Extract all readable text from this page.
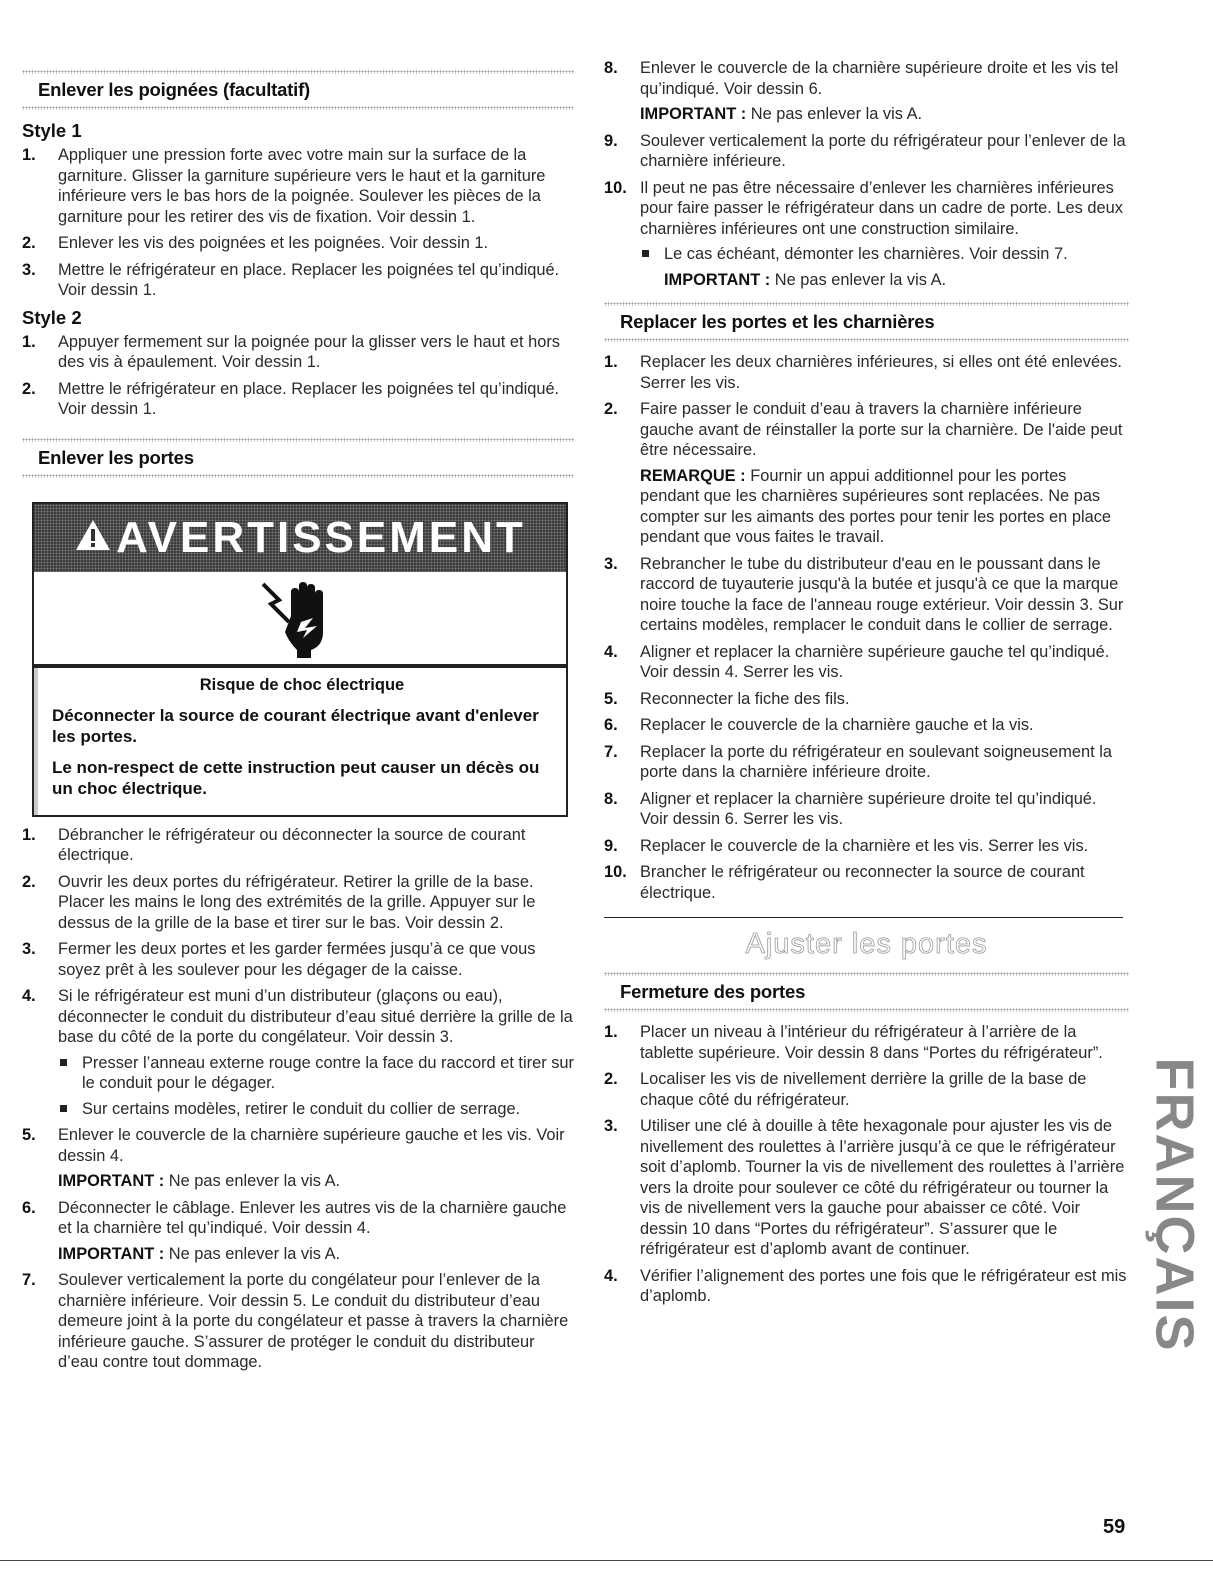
Enlever les poignées (facultatif)
Style 1
1. Appliquer une pression forte avec votre main sur la surface de la garniture. Glisser la garniture supérieure vers le haut et la garniture inférieure vers le bas hors de la poignée. Soulever les pièces de la garniture pour les retirer des vis de fixation. Voir dessin 1.
2. Enlever les vis des poignées et les poignées. Voir dessin 1.
3. Mettre le réfrigérateur en place. Replacer les poignées tel qu’indiqué. Voir dessin 1.
Style 2
1. Appuyer fermement sur la poignée pour la glisser vers le haut et hors des vis à épaulement. Voir dessin 1.
2. Mettre le réfrigérateur en place. Replacer les poignées tel qu’indiqué. Voir dessin 1.
Enlever les portes
AVERTISSEMENT
Risque de choc électrique
Déconnecter la source de courant électrique avant d'enlever les portes.
Le non-respect de cette instruction peut causer un décès ou un choc électrique.
1. Débrancher le réfrigérateur ou déconnecter la source de courant électrique.
2. Ouvrir les deux portes du réfrigérateur. Retirer la grille de la base. Placer les mains le long des extrémités de la grille. Appuyer sur le dessus de la grille de la base et tirer sur le bas. Voir dessin 2.
3. Fermer les deux portes et les garder fermées jusqu’à ce que vous soyez prêt à les soulever pour les dégager de la caisse.
4. Si le réfrigérateur est muni d’un distributeur (glaçons ou eau), déconnecter le conduit du distributeur d’eau situé derrière la grille de la base du côté de la porte du congélateur. Voir dessin 3.
Presser l’anneau externe rouge contre la face du raccord et tirer sur le conduit pour le dégager.
Sur certains modèles, retirer le conduit du collier de serrage.
5. Enlever le couvercle de la charnière supérieure gauche et les vis. Voir dessin 4.
IMPORTANT : Ne pas enlever la vis A.
6. Déconnecter le câblage. Enlever les autres vis de la charnière gauche et la charnière tel qu’indiqué. Voir dessin 4.
IMPORTANT : Ne pas enlever la vis A.
7. Soulever verticalement la porte du congélateur pour l’enlever de la charnière inférieure. Voir dessin 5. Le conduit du distributeur d’eau demeure joint à la porte du congélateur et passe à travers la charnière inférieure gauche. S’assurer de protéger le conduit du distributeur d’eau contre tout dommage.
8. Enlever le couvercle de la charnière supérieure droite et les vis tel qu’indiqué. Voir dessin 6.
IMPORTANT : Ne pas enlever la vis A.
9. Soulever verticalement la porte du réfrigérateur pour l’enlever de la charnière inférieure.
10. Il peut ne pas être nécessaire d’enlever les charnières inférieures pour faire passer le réfrigérateur dans un cadre de porte. Les deux charnières inférieures ont une construction similaire.
Le cas échéant, démonter les charnières. Voir dessin 7.
IMPORTANT : Ne pas enlever la vis A.
Replacer les portes et les charnières
1. Replacer les deux charnières inférieures, si elles ont été enlevées. Serrer les vis.
2. Faire passer le conduit d’eau à travers la charnière inférieure gauche avant de réinstaller la porte sur la charnière. De l'aide peut être nécessaire.
REMARQUE : Fournir un appui additionnel pour les portes pendant que les charnières supérieures sont replacées. Ne pas compter sur les aimants des portes pour tenir les portes en place pendant que vous faites le travail.
3. Rebrancher le tube du distributeur d'eau en le poussant dans le raccord de tuyauterie jusqu'à la butée et jusqu'à ce que la marque noire touche la face de l'anneau rouge extérieur. Voir dessin 3. Sur certains modèles, remplacer le conduit dans le collier de serrage.
4. Aligner et replacer la charnière supérieure gauche tel qu’indiqué. Voir dessin 4. Serrer les vis.
5. Reconnecter la fiche des fils.
6. Replacer le couvercle de la charnière gauche et la vis.
7. Replacer la porte du réfrigérateur en soulevant soigneusement la porte dans la charnière inférieure droite.
8. Aligner et replacer la charnière supérieure droite tel qu’indiqué. Voir dessin 6. Serrer les vis.
9. Replacer le couvercle de la charnière et les vis. Serrer les vis.
10. Brancher le réfrigérateur ou reconnecter la source de courant électrique.
Ajuster les portes
Fermeture des portes
1. Placer un niveau à l’intérieur du réfrigérateur à l’arrière de la tablette supérieure. Voir dessin 8 dans “Portes du réfrigérateur”.
2. Localiser les vis de nivellement derrière la grille de la base de chaque côté du réfrigérateur.
3. Utiliser une clé à douille à tête hexagonale pour ajuster les vis de nivellement des roulettes à l’arrière jusqu’à ce que le réfrigérateur soit d’aplomb. Tourner la vis de nivellement des roulettes à l’arrière vers la droite pour soulever ce côté du réfrigérateur ou tourner la vis de nivellement vers la gauche pour abaisser ce côté. Voir dessin 10 dans “Portes du réfrigérateur”. S’assurer que le réfrigérateur est d’aplomb avant de continuer.
4. Vérifier l’alignement des portes une fois que le réfrigérateur est mis d’aplomb.	FRANÇAIS
59
